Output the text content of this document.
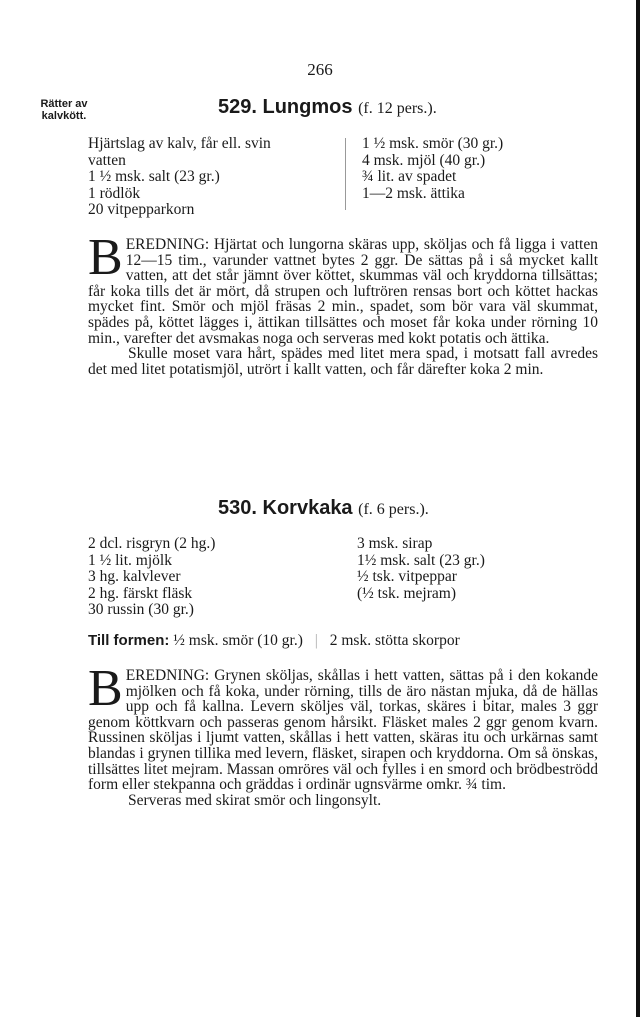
266
Rätter av
kalvkött.	529. Lungmos (f. 12 pers.).
Hjärtslag av kalv, får ell. svin
vatten
1 ½ msk. salt (23 gr.)
1 rödlök
20 vitpepparkorn
1 ½ msk. smör (30 gr.)
4 msk. mjöl (40 gr.)
¾ lit. av spadet
1—2 msk. ättika

BEREDNING: Hjärtat och lungorna skäras upp, sköljas och få ligga i vatten 12—15 tim., varunder vattnet bytes 2 ggr. De sättas på i så mycket kallt vatten, att det står jämnt över köttet, skummas väl och kryddorna tillsättas; får koka tills det är mört, då strupen och luftrören rensas bort och köttet hackas mycket fint. Smör och mjöl fräsas 2 min., spadet, som bör vara väl skummat, spädes på, köttet lägges i, ättikan tillsättes och moset får koka under rörning 10 min., varefter det avsmakas noga och serveras med kokt potatis och ättika.

Skulle moset vara hårt, spädes med litet mera spad, i motsatt fall avredes det med litet potatismjöl, utrört i kallt vatten, och får därefter koka 2 min.

530. Korvkaka (f. 6 pers.).
2 dcl. risgryn (2 hg.)
1 ½ lit. mjölk
3 hg. kalvlever
2 hg. färskt fläsk
30 russin (30 gr.)
3 msk. sirap
1½ msk. salt (23 gr.)
½ tsk. vitpeppar
(½ tsk. mejram)
Till formen: ½ msk. smör (10 gr.) | 2 msk. stötta skorpor

BEREDNING: Grynen sköljas, skållas i hett vatten, sättas på i den kokande mjölken och få koka, under rörning, tills de äro nästan mjuka, då de hällas upp och få kallna. Levern sköljes väl, torkas, skäres i bitar, males 3 ggr genom köttkvarn och passeras genom hårsikt. Fläsket males 2 ggr genom kvarn. Russinen sköljas i ljumt vatten, skållas i hett vatten, skäras itu och urkärnas samt blandas i grynen tillika med levern, fläsket, sirapen och kryddorna. Om så önskas, tillsättes litet mejram. Massan omröres väl och fylles i en smord och brödbeströdd form eller stekpanna och gräddas i ordinär ugnsvärme omkr. ¾ tim.

Serveras med skirat smör och lingonsylt.
